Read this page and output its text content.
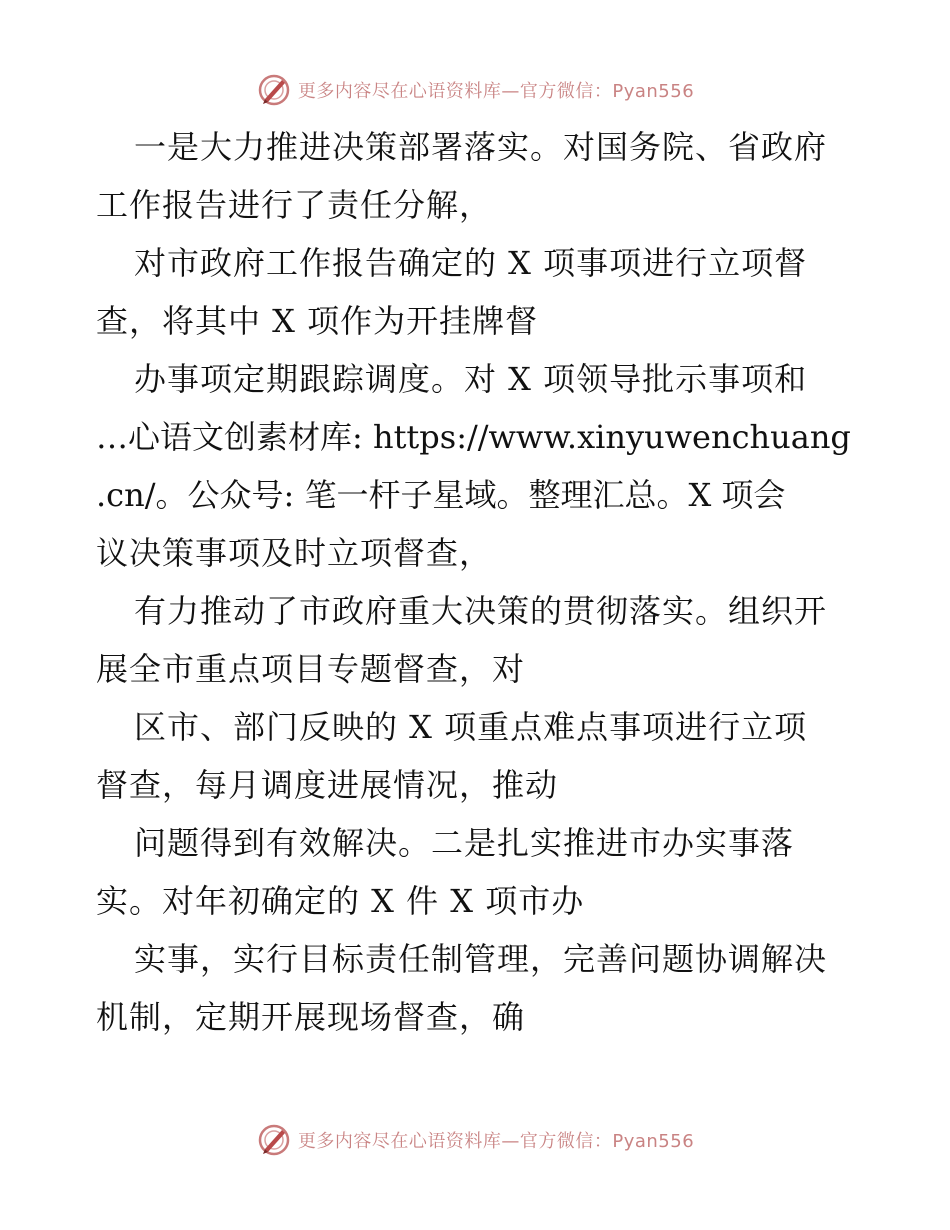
更多内容尽在心语资料库—官方微信：Pyan556
一是大力推进决策部署落实。对国务院、省政府
工作报告进行了责任分解，
对市政府工作报告确定的 X 项事项进行立项督
查，将其中 X 项作为开挂牌督
办事项定期跟踪调度。对 X 项领导批示事项和
…心语文创素材库: https://www.xinyuwenchuang
.cn/。公众号: 笔一杆子星域。整理汇总。X 项会
议决策事项及时立项督查，
有力推动了市政府重大决策的贯彻落实。组织开
展全市重点项目专题督查，对
区市、部门反映的 X 项重点难点事项进行立项
督查，每月调度进展情况，推动
问题得到有效解决。二是扎实推进市办实事落
实。对年初确定的 X 件 X 项市办
实事，实行目标责任制管理，完善问题协调解决
机制，定期开展现场督查，确
更多内容尽在心语资料库—官方微信：Pyan556
